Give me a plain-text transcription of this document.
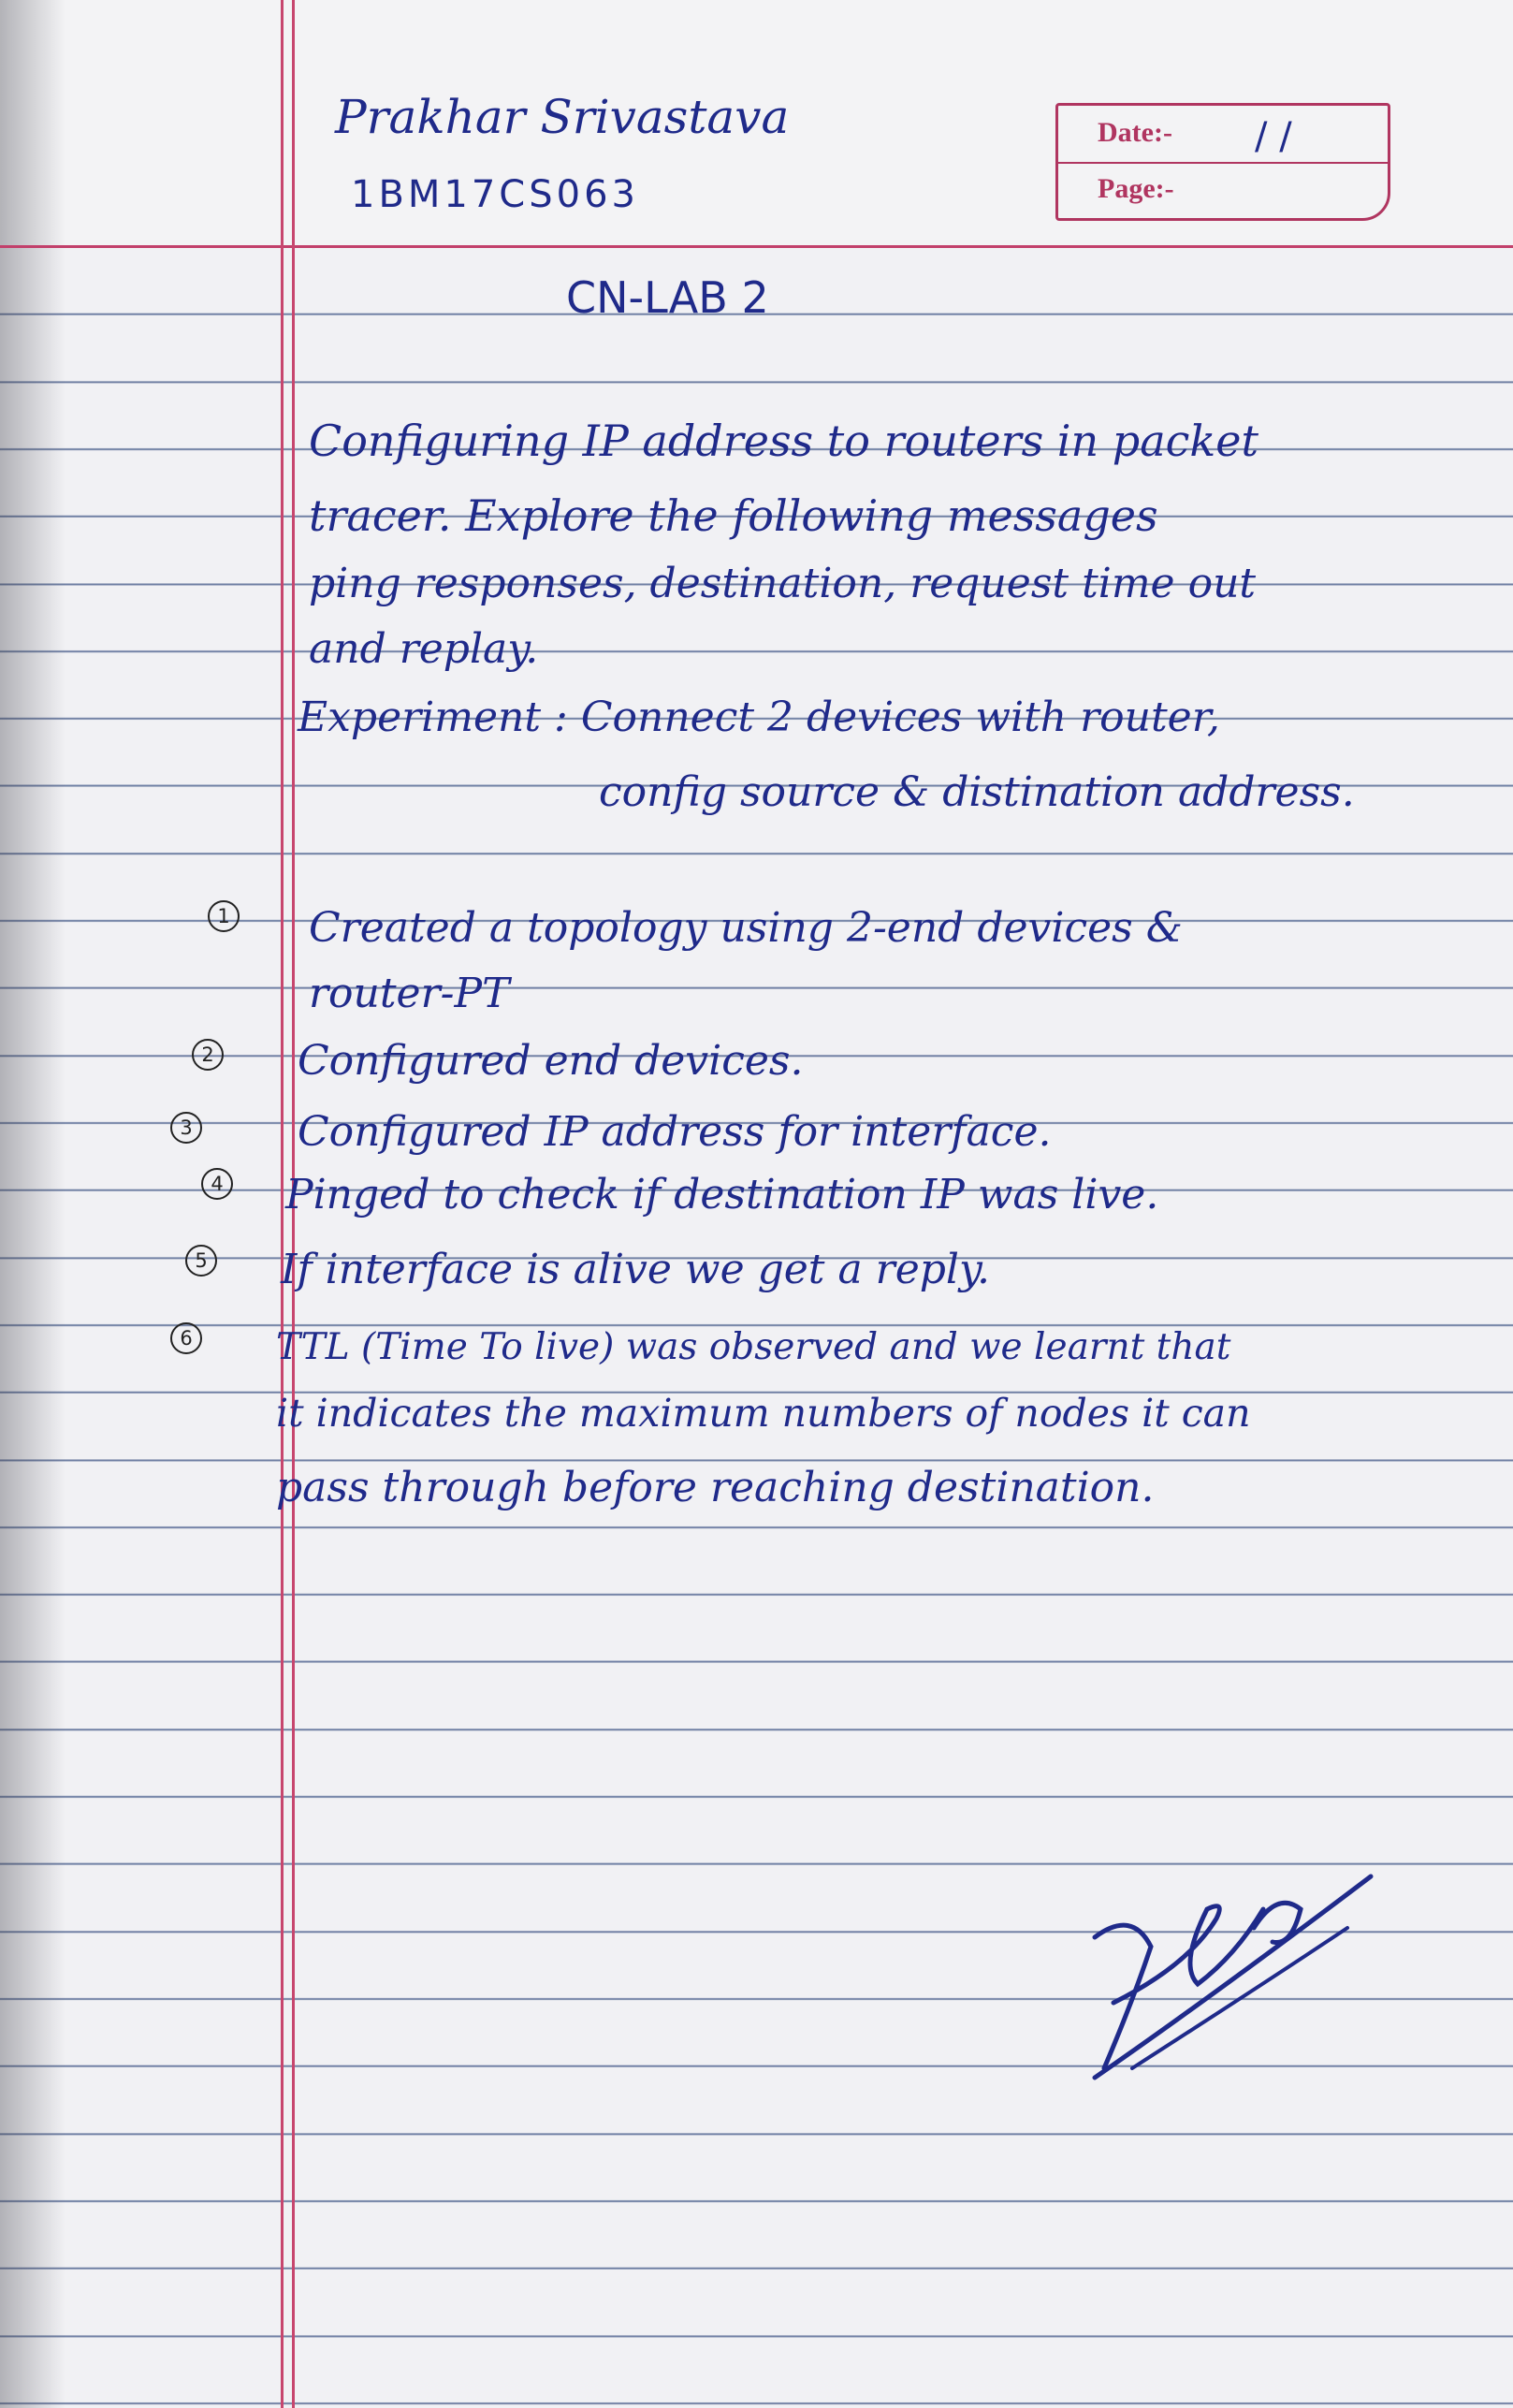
Prakhar Srivastava
1BM17CS063
Date:- / /
Page:-
CN-LAB 2
Configuring IP address to routers in packet
tracer. Explore the following messages
ping responses, destination, request time out
and replay.
Experiment : Connect 2 devices with router,
config source & distination address.
1 Created a topology using 2-end devices &
router-PT
2 Configured end devices.
3	Configured IP address for interface.
4 Pinged to check if destination IP was live.
5 If interface is alive we get a reply.
6 TTL (Time To live) was observed and we learnt that
it indicates the maximum numbers of nodes it can
pass through before reaching destination.
